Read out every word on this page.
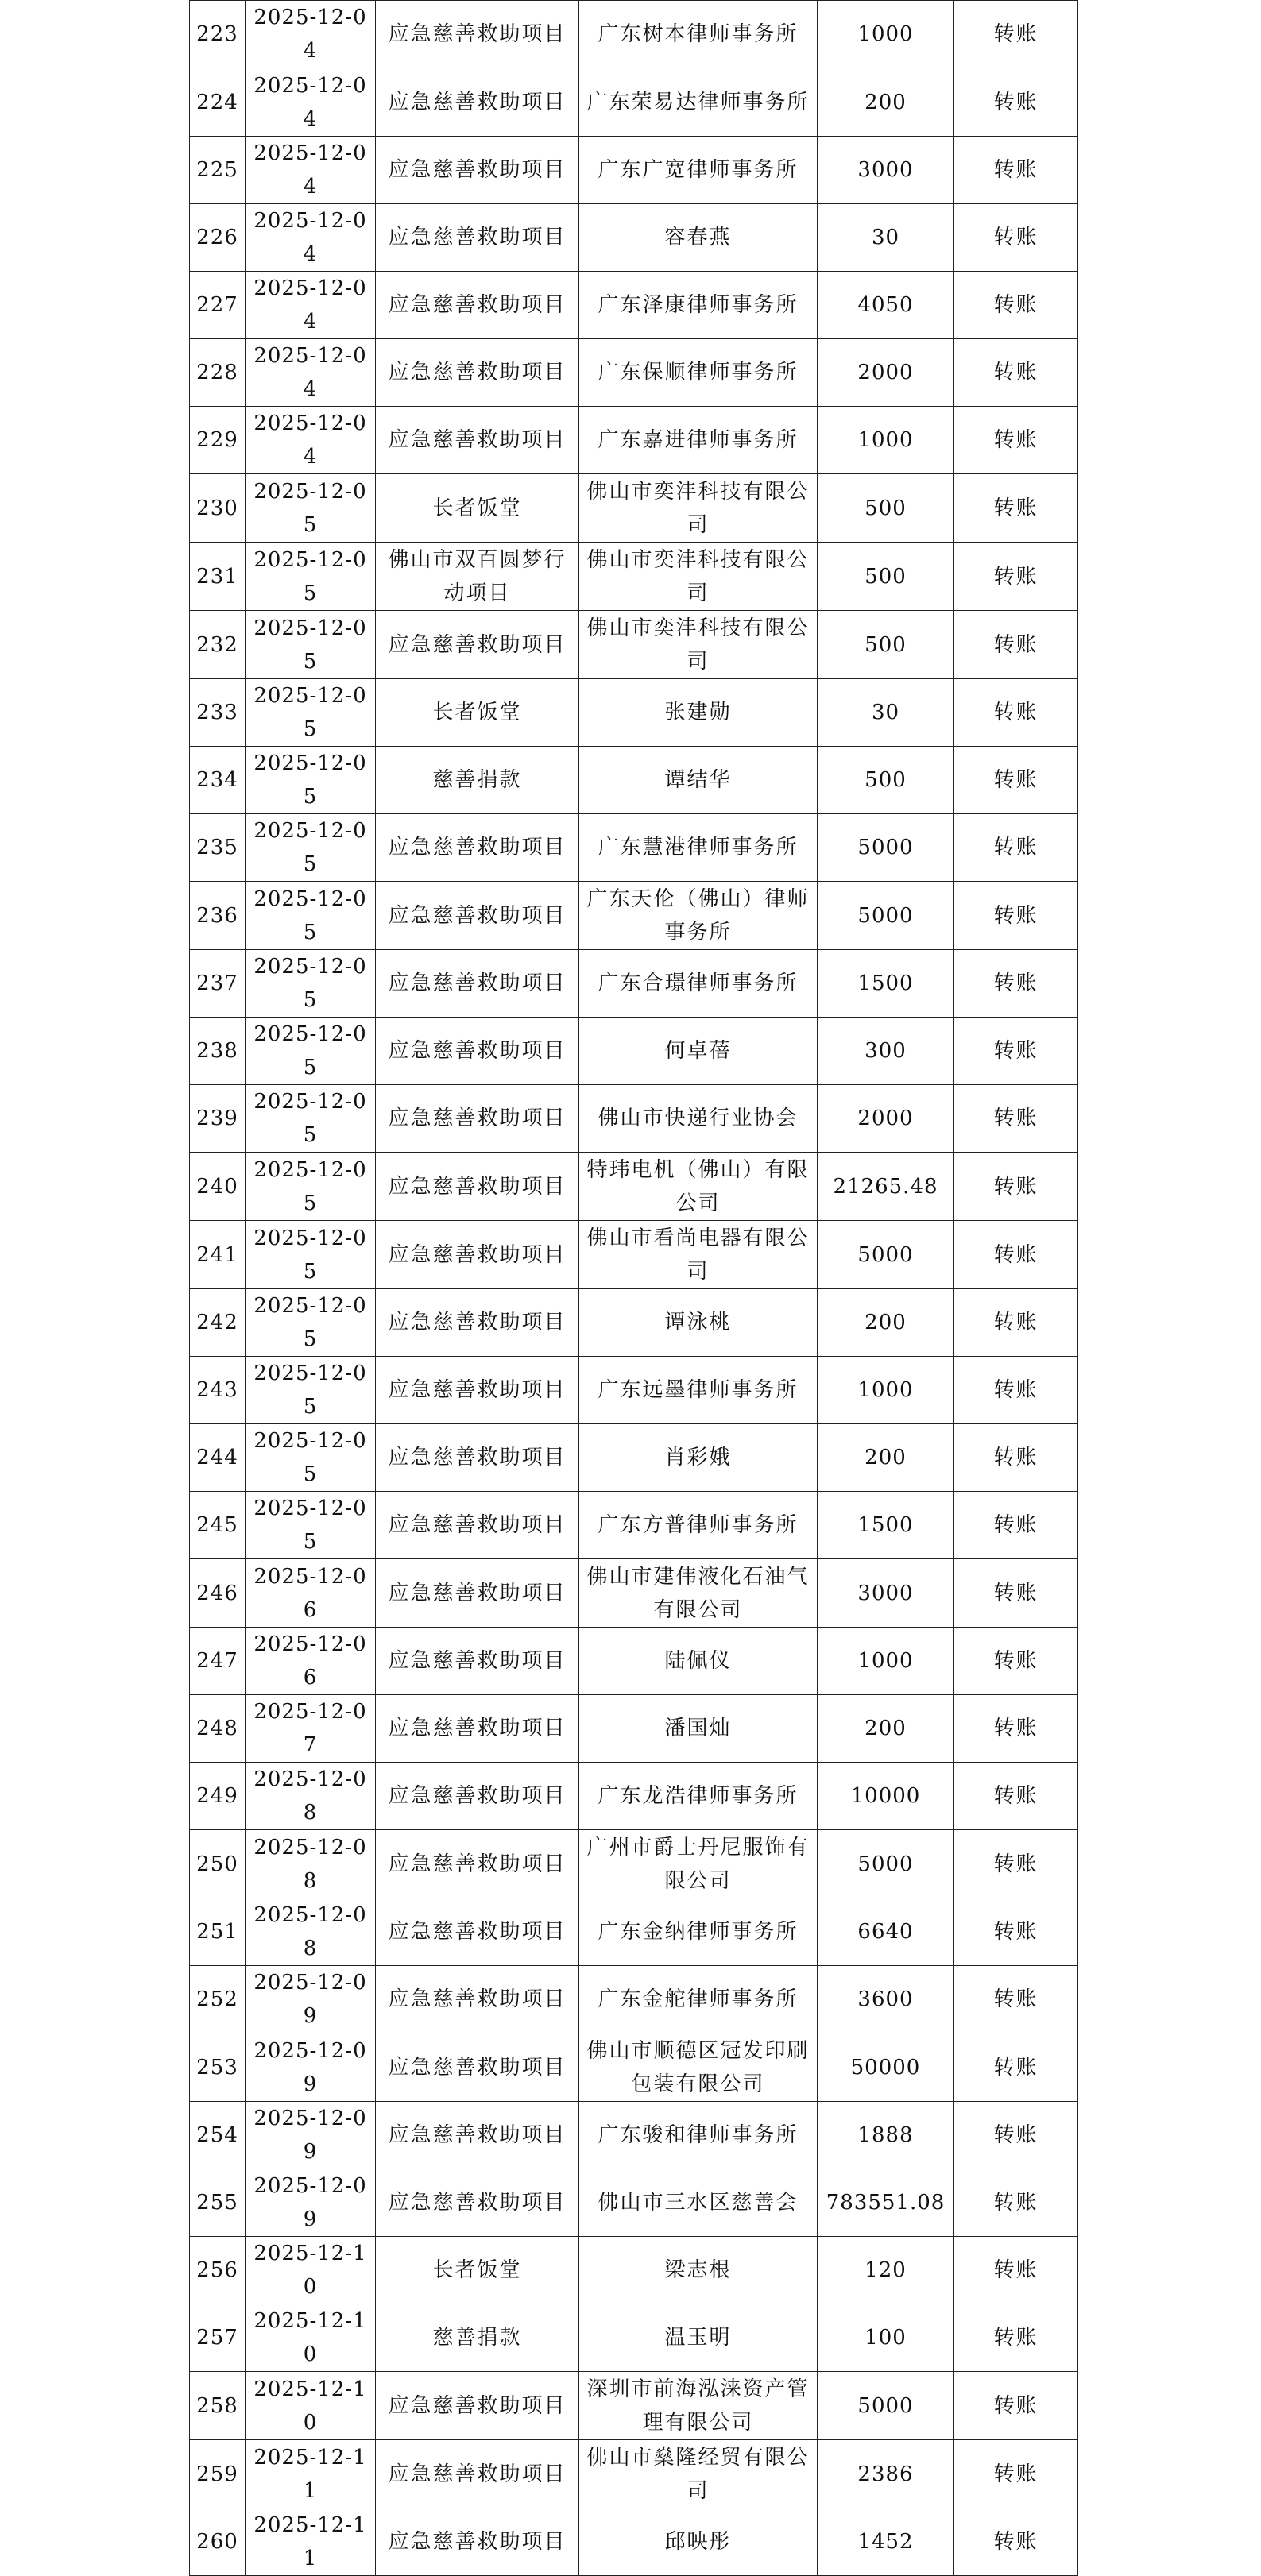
223	2025-12-04	应急慈善救助项目	广东树本律师事务所	1000	转账
224	2025-12-04	应急慈善救助项目	广东荣易达律师事务所	200	转账
225	2025-12-04	应急慈善救助项目	广东广宽律师事务所	3000	转账
226	2025-12-04	应急慈善救助项目	容春燕	30	转账
227	2025-12-04	应急慈善救助项目	广东泽康律师事务所	4050	转账
228	2025-12-04	应急慈善救助项目	广东保顺律师事务所	2000	转账
229	2025-12-04	应急慈善救助项目	广东嘉进律师事务所	1000	转账
230	2025-12-05	长者饭堂	佛山市奕沣科技有限公司	500	转账
231	2025-12-05	佛山市双百圆梦行动项目	佛山市奕沣科技有限公司	500	转账
232	2025-12-05	应急慈善救助项目	佛山市奕沣科技有限公司	500	转账
233	2025-12-05	长者饭堂	张建勋	30	转账
234	2025-12-05	慈善捐款	谭结华	500	转账
235	2025-12-05	应急慈善救助项目	广东慧港律师事务所	5000	转账
236	2025-12-05	应急慈善救助项目	广东天伦（佛山）律师事务所	5000	转账
237	2025-12-05	应急慈善救助项目	广东合璟律师事务所	1500	转账
238	2025-12-05	应急慈善救助项目	何卓蓓	300	转账
239	2025-12-05	应急慈善救助项目	佛山市快递行业协会	2000	转账
240	2025-12-05	应急慈善救助项目	特玮电机（佛山）有限公司	21265.48	转账
241	2025-12-05	应急慈善救助项目	佛山市看尚电器有限公司	5000	转账
242	2025-12-05	应急慈善救助项目	谭泳桃	200	转账
243	2025-12-05	应急慈善救助项目	广东远墨律师事务所	1000	转账
244	2025-12-05	应急慈善救助项目	肖彩娥	200	转账
245	2025-12-05	应急慈善救助项目	广东方普律师事务所	1500	转账
246	2025-12-06	应急慈善救助项目	佛山市建伟液化石油气有限公司	3000	转账
247	2025-12-06	应急慈善救助项目	陆佩仪	1000	转账
248	2025-12-07	应急慈善救助项目	潘国灿	200	转账
249	2025-12-08	应急慈善救助项目	广东龙浩律师事务所	10000	转账
250	2025-12-08	应急慈善救助项目	广州市爵士丹尼服饰有限公司	5000	转账
251	2025-12-08	应急慈善救助项目	广东金纳律师事务所	6640	转账
252	2025-12-09	应急慈善救助项目	广东金舵律师事务所	3600	转账
253	2025-12-09	应急慈善救助项目	佛山市顺德区冠发印刷包装有限公司	50000	转账
254	2025-12-09	应急慈善救助项目	广东骏和律师事务所	1888	转账
255	2025-12-09	应急慈善救助项目	佛山市三水区慈善会	783551.08	转账
256	2025-12-10	长者饭堂	梁志根	120	转账
257	2025-12-10	慈善捐款	温玉明	100	转账
258	2025-12-10	应急慈善救助项目	深圳市前海泓涞资产管理有限公司	5000	转账
259	2025-12-11	应急慈善救助项目	佛山市燊隆经贸有限公司	2386	转账
260	2025-12-11	应急慈善救助项目	邱映彤	1452	转账
